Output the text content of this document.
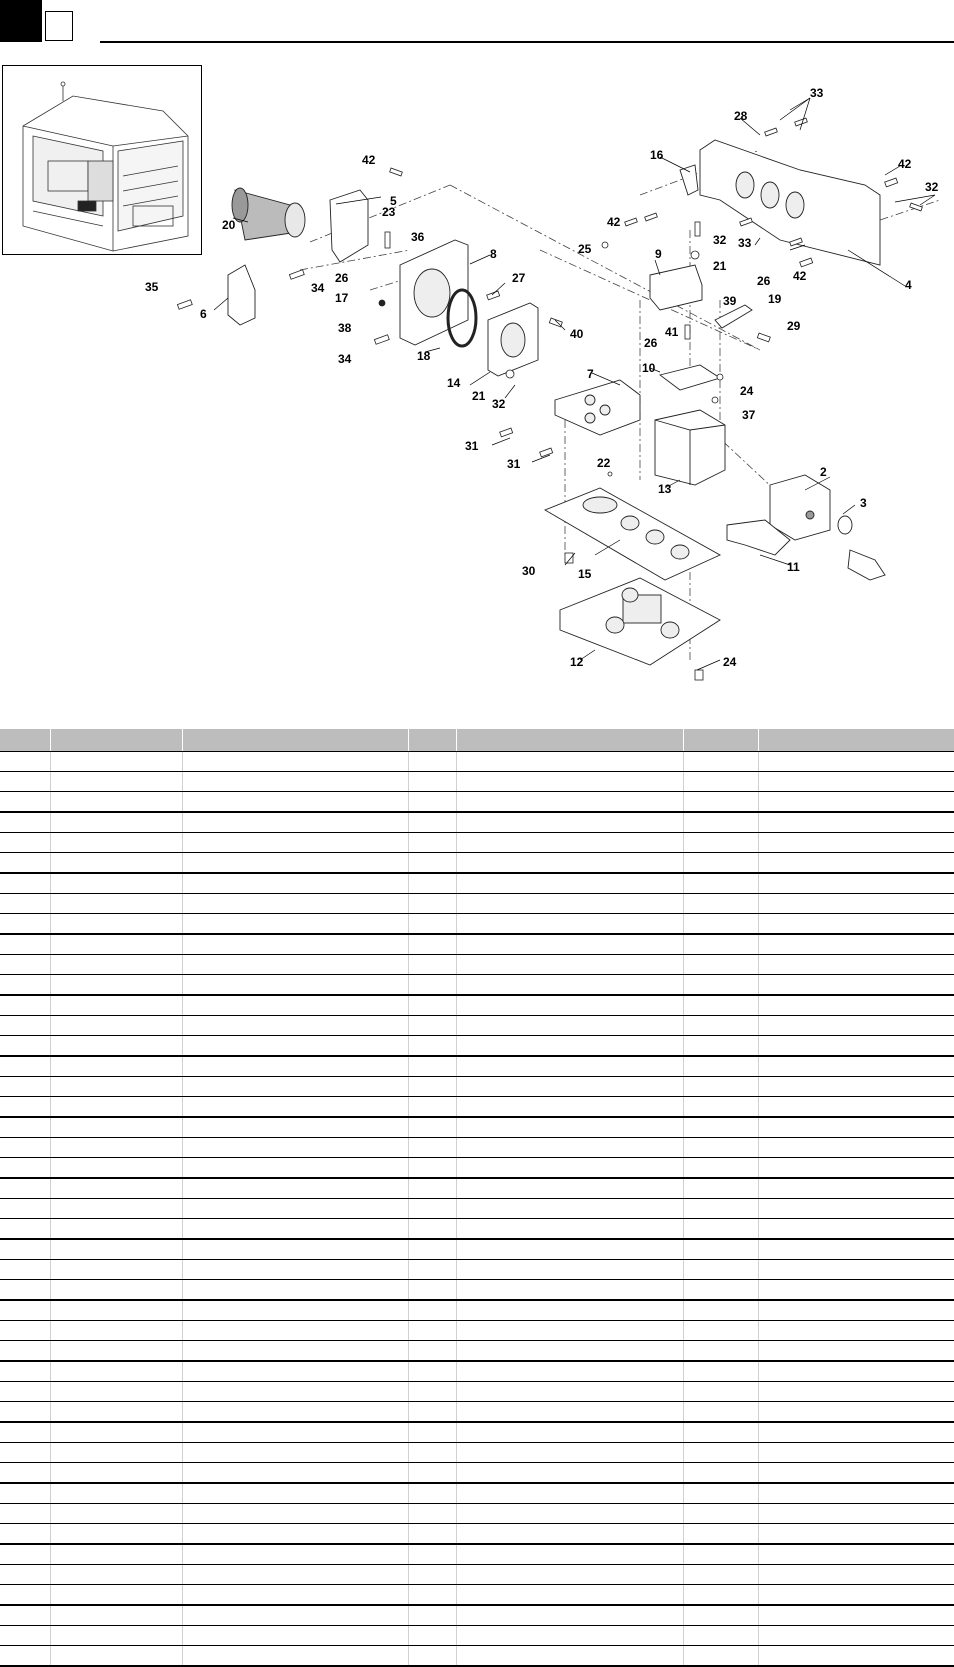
2
3
4
5
6
7
8	9
10
11
12
13
14
15
16
17
18
19
20
21
21
22
23
24
24
25
26	26
26
27
28
29
30
31
31
32
32
32
33
33
34
34
35
36
37
38
39
40	41
42
42
42
42
